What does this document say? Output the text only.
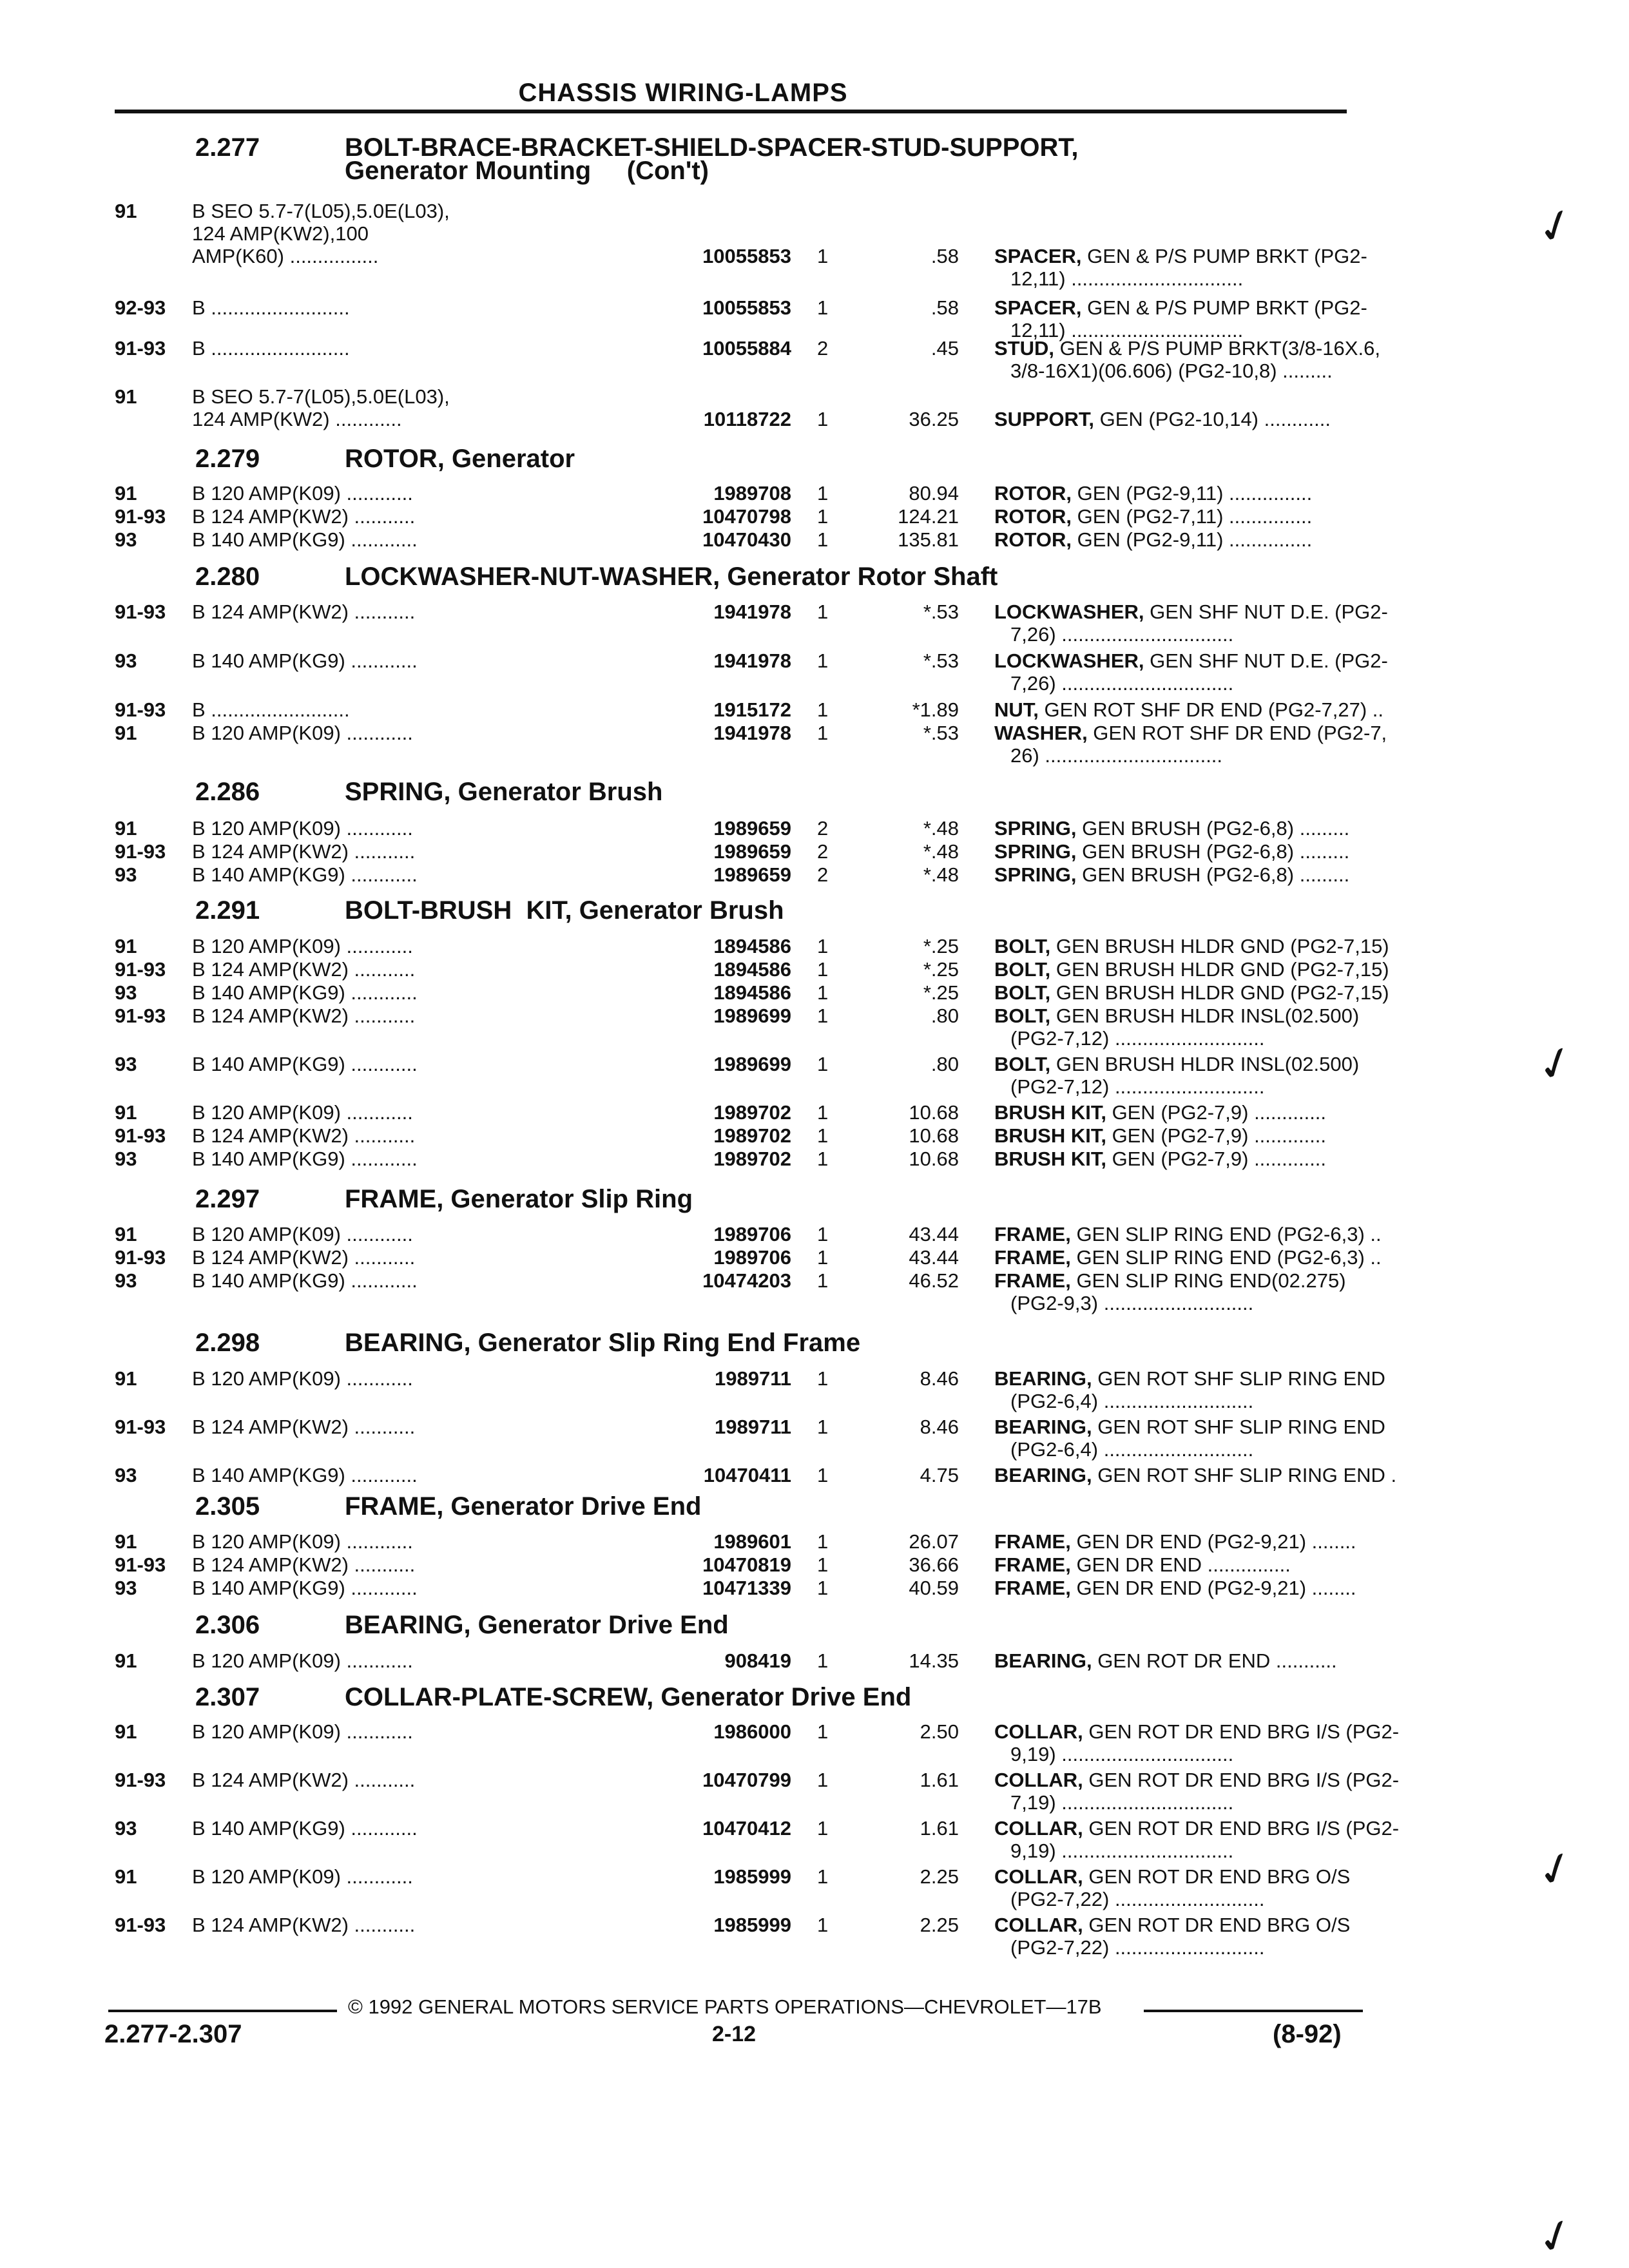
CHASSIS WIRING-LAMPS
2.277	BOLT-BRACE-BRACKET-SHIELD-SPACER-STUD-SUPPORT,
Generator Mounting     (Con't)
2.279	ROTOR, Generator
2.280	LOCKWASHER-NUT-WASHER, Generator Rotor Shaft
2.286	SPRING, Generator Brush
2.291	BOLT-BRUSH  KIT, Generator Brush
2.297	FRAME, Generator Slip Ring
2.298	BEARING, Generator Slip Ring End Frame
2.305	FRAME, Generator Drive End
2.306	BEARING, Generator Drive End
2.307	COLLAR-PLATE-SCREW, Generator Drive End
91	B SEO 5.7-7(L05),5.0E(L03),
124 AMP(KW2),100
AMP(K60) ................	10055853 1	.58 SPACER, GEN & P/S PUMP BRKT (PG2-
12,11) ...............................
92-93 B .........................	10055853 1	.58 SPACER, GEN & P/S PUMP BRKT (PG2-
12,11) ...............................
91-93 B .........................	10055884 2	.45 STUD, GEN & P/S PUMP BRKT(3/8-16X.6,
3/8-16X1)(06.606) (PG2-10,8) .........
91	B SEO 5.7-7(L05),5.0E(L03),
124 AMP(KW2) ............	10118722 1	36.25 SUPPORT, GEN (PG2-10,14) ............
91	B 120 AMP(K09) ............	1989708 1	80.94 ROTOR, GEN (PG2-9,11) ...............
91-93 B 124 AMP(KW2) ...........	10470798 1	124.21 ROTOR, GEN (PG2-7,11) ...............
93	B 140 AMP(KG9) ............	10470430 1	135.81 ROTOR, GEN (PG2-9,11) ...............
91-93 B 124 AMP(KW2) ...........	1941978 1	*.53 LOCKWASHER, GEN SHF NUT D.E. (PG2-
7,26) ...............................
93	B 140 AMP(KG9) ............	1941978 1	*.53 LOCKWASHER, GEN SHF NUT D.E. (PG2-
7,26) ...............................
91-93 B .........................	1915172 1	*1.89 NUT, GEN ROT SHF DR END (PG2-7,27) ..
91	B 120 AMP(K09) ............	1941978 1	*.53 WASHER, GEN ROT SHF DR END (PG2-7,
26) ................................
91	B 120 AMP(K09) ............	1989659 2	*.48 SPRING, GEN BRUSH (PG2-6,8) .........
91-93 B 124 AMP(KW2) ...........	1989659 2	*.48 SPRING, GEN BRUSH (PG2-6,8) .........
93	B 140 AMP(KG9) ............	1989659 2	*.48 SPRING, GEN BRUSH (PG2-6,8) .........
91	B 120 AMP(K09) ............	1894586 1	*.25 BOLT, GEN BRUSH HLDR GND (PG2-7,15)
91-93 B 124 AMP(KW2) ...........	1894586 1	*.25 BOLT, GEN BRUSH HLDR GND (PG2-7,15)
93	B 140 AMP(KG9) ............	1894586 1	*.25 BOLT, GEN BRUSH HLDR GND (PG2-7,15)
91-93 B 124 AMP(KW2) ...........	1989699 1	.80 BOLT, GEN BRUSH HLDR INSL(02.500)
(PG2-7,12) ...........................
93	B 140 AMP(KG9) ............	1989699 1	.80 BOLT, GEN BRUSH HLDR INSL(02.500)
(PG2-7,12) ...........................
91	B 120 AMP(K09) ............	1989702 1	10.68 BRUSH KIT, GEN (PG2-7,9) .............
91-93 B 124 AMP(KW2) ...........	1989702 1	10.68 BRUSH KIT, GEN (PG2-7,9) .............
93	B 140 AMP(KG9) ............	1989702 1	10.68 BRUSH KIT, GEN (PG2-7,9) .............
91	B 120 AMP(K09) ............	1989706 1	43.44 FRAME, GEN SLIP RING END (PG2-6,3) ..
91-93 B 124 AMP(KW2) ...........	1989706 1	43.44 FRAME, GEN SLIP RING END (PG2-6,3) ..
93	B 140 AMP(KG9) ............	10474203 1	46.52 FRAME, GEN SLIP RING END(02.275)
(PG2-9,3) ...........................
91	B 120 AMP(K09) ............	1989711 1	8.46 BEARING, GEN ROT SHF SLIP RING END
(PG2-6,4) ...........................
91-93 B 124 AMP(KW2) ...........	1989711 1	8.46 BEARING, GEN ROT SHF SLIP RING END
(PG2-6,4) ...........................
93	B 140 AMP(KG9) ............	10470411 1	4.75 BEARING, GEN ROT SHF SLIP RING END .
91	B 120 AMP(K09) ............	1989601 1	26.07 FRAME, GEN DR END (PG2-9,21) ........
91-93 B 124 AMP(KW2) ...........	10470819 1	36.66 FRAME, GEN DR END ...............
93	B 140 AMP(KG9) ............	10471339 1	40.59 FRAME, GEN DR END (PG2-9,21) ........
91	B 120 AMP(K09) ............	908419 1	14.35 BEARING, GEN ROT DR END ...........
91	B 120 AMP(K09) ............	1986000 1	2.50 COLLAR, GEN ROT DR END BRG I/S (PG2-
9,19) ...............................
91-93 B 124 AMP(KW2) ...........	10470799 1	1.61 COLLAR, GEN ROT DR END BRG I/S (PG2-
7,19) ...............................
93	B 140 AMP(KG9) ............	10470412 1	1.61 COLLAR, GEN ROT DR END BRG I/S (PG2-
9,19) ...............................
91	B 120 AMP(K09) ............	1985999 1	2.25 COLLAR, GEN ROT DR END BRG O/S
(PG2-7,22) ...........................
91-93 B 124 AMP(KW2) ...........	1985999 1	2.25 COLLAR, GEN ROT DR END BRG O/S
(PG2-7,22) ...........................
✓
✓
✓
✓
© 1992 GENERAL MOTORS SERVICE PARTS OPERATIONS—CHEVROLET—17B
2.277-2.307	2-12	(8-92)
